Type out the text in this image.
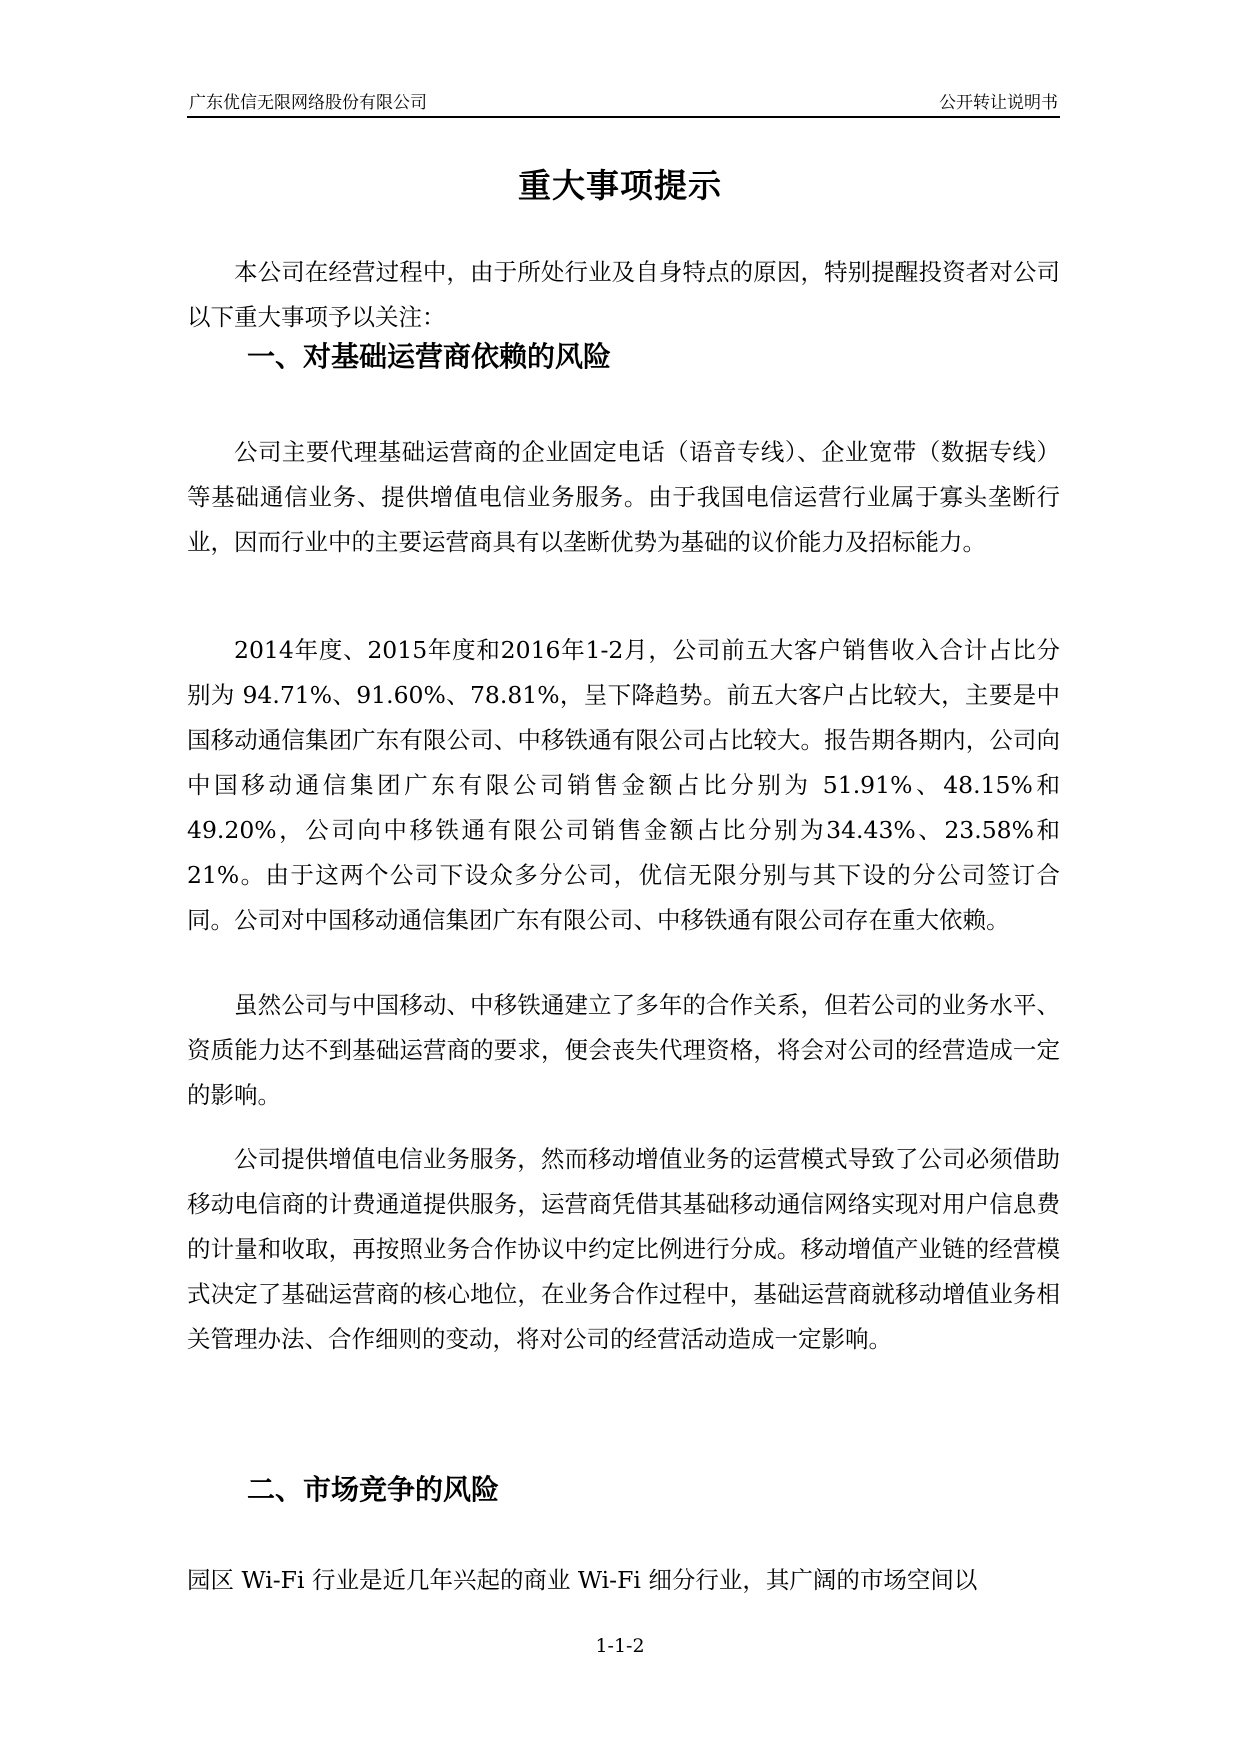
广东优信无限网络股份有限公司	公开转让说明书
重大事项提示

本公司在经营过程中，由于所处行业及自身特点的原因，特别提醒投资者对公司以下重大事项予以关注：

一、对基础运营商依赖的风险

公司主要代理基础运营商的企业固定电话（语音专线）、企业宽带（数据专线）等基础通信业务、提供增值电信业务服务。由于我国电信运营行业属于寡头垄断行业，因而行业中的主要运营商具有以垄断优势为基础的议价能力及招标能力。

2014年度、2015年度和2016年1-2月，公司前五大客户销售收入合计占比分别为 94.71%、91.60%、78.81%，呈下降趋势。前五大客户占比较大，主要是中国移动通信集团广东有限公司、中移铁通有限公司占比较大。报告期各期内，公司向中国移动通信集团广东有限公司销售金额占比分别为 51.91%、48.15%和 49.20%，公司向中移铁通有限公司销售金额占比分别为34.43%、23.58%和21%。由于这两个公司下设众多分公司，优信无限分别与其下设的分公司签订合同。公司对中国移动通信集团广东有限公司、中移铁通有限公司存在重大依赖。

虽然公司与中国移动、中移铁通建立了多年的合作关系，但若公司的业务水平、资质能力达不到基础运营商的要求，便会丧失代理资格，将会对公司的经营造成一定的影响。

公司提供增值电信业务服务，然而移动增值业务的运营模式导致了公司必须借助移动电信商的计费通道提供服务，运营商凭借其基础移动通信网络实现对用户信息费的计量和收取，再按照业务合作协议中约定比例进行分成。移动增值产业链的经营模式决定了基础运营商的核心地位，在业务合作过程中，基础运营商就移动增值业务相关管理办法、合作细则的变动，将对公司的经营活动造成一定影响。

二、市场竞争的风险

园区 Wi-Fi 行业是近几年兴起的商业 Wi-Fi 细分行业，其广阔的市场空间以

1-1-2
